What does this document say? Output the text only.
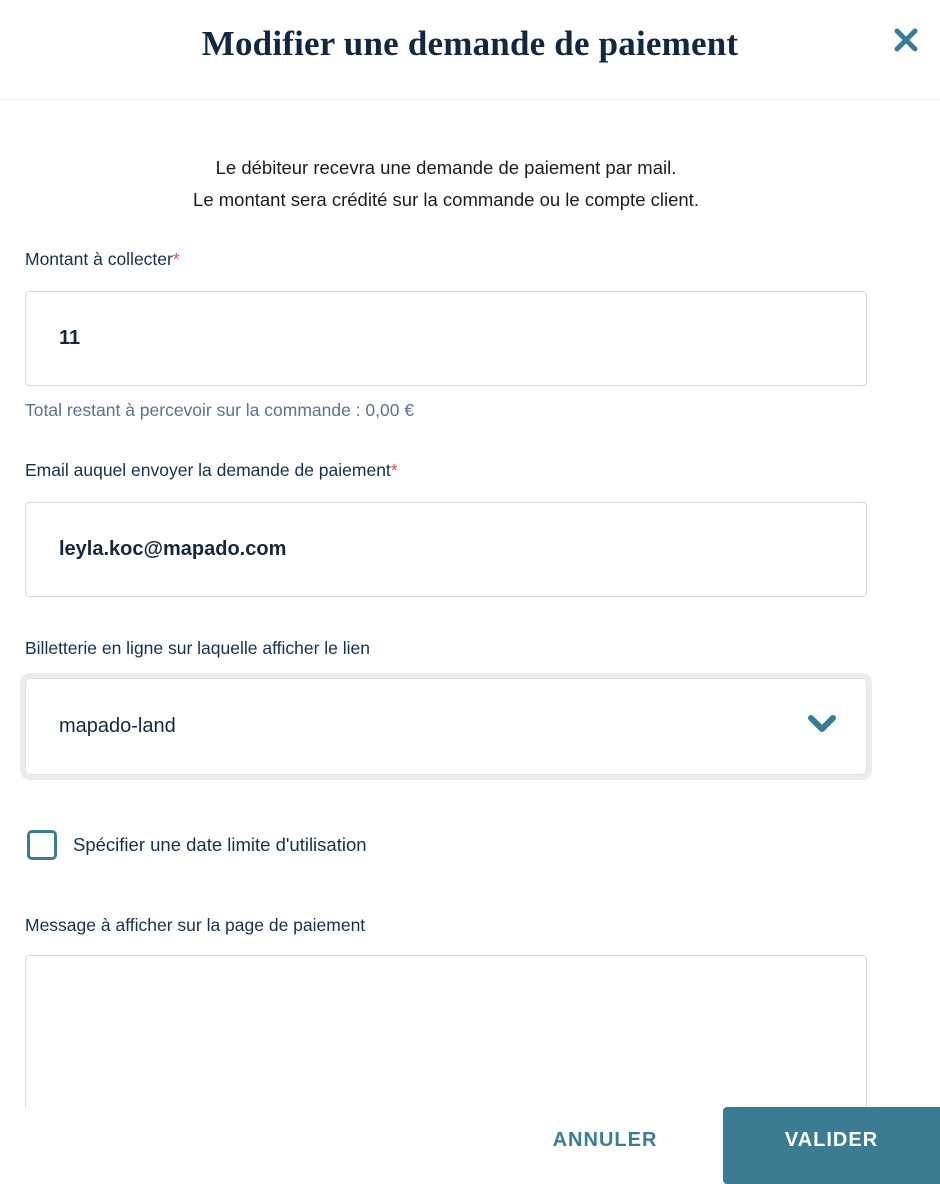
Modifier une demande de paiement
Le débiteur recevra une demande de paiement par mail.
Le montant sera crédité sur la commande ou le compte client.
Montant à collecter*
11
Total restant à percevoir sur la commande : 0,00 €
Email auquel envoyer la demande de paiement*
leyla.koc@mapado.com
Billetterie en ligne sur laquelle afficher le lien
mapado-land
Spécifier une date limite d'utilisation
Message à afficher sur la page de paiement
ANNULER	VALIDER
